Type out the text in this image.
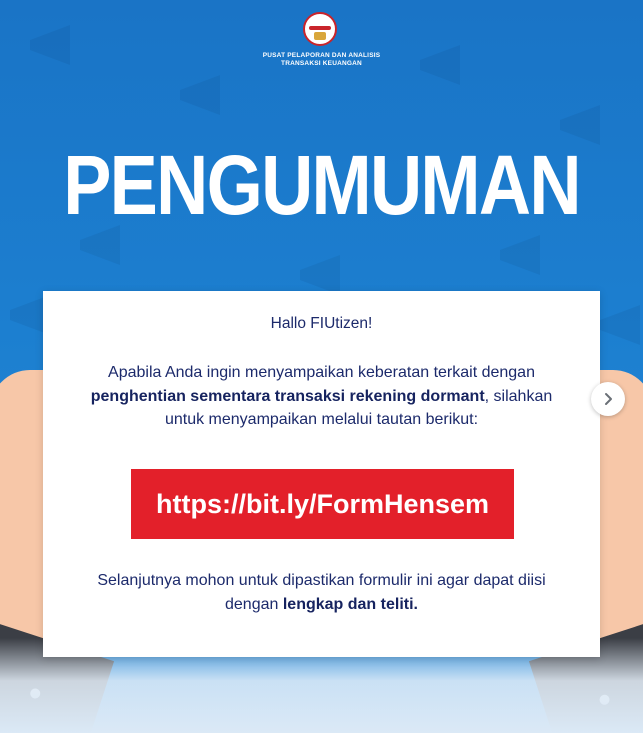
PUSAT PELAPORAN DAN ANALISIS
TRANSAKSI KEUANGAN
PENGUMUMAN
Hallo FIUtizen!
Apabila Anda ingin menyampaikan keberatan terkait dengan penghentian sementara transaksi rekening dormant, silahkan untuk menyampaikan melalui tautan berikut:
https://bit.ly/FormHensem
Selanjutnya mohon untuk dipastikan formulir ini agar dapat diisi dengan lengkap dan teliti.
